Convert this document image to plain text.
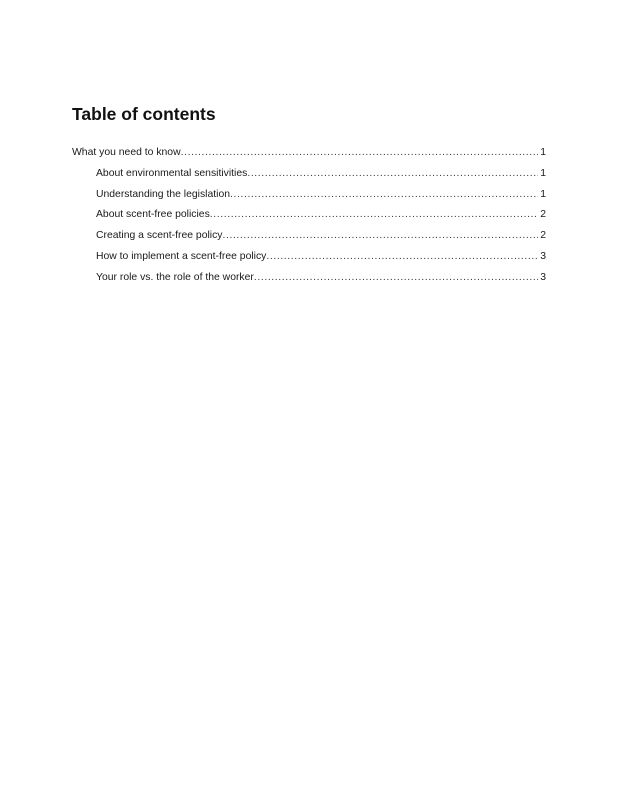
Table of contents
What you need to know .....	1
About environmental sensitivities .....	1
Understanding the legislation .....	1
About scent-free policies .....	2
Creating a scent-free policy .....	2
How to implement a scent-free policy .....	3
Your role vs. the role of the worker .....	3
